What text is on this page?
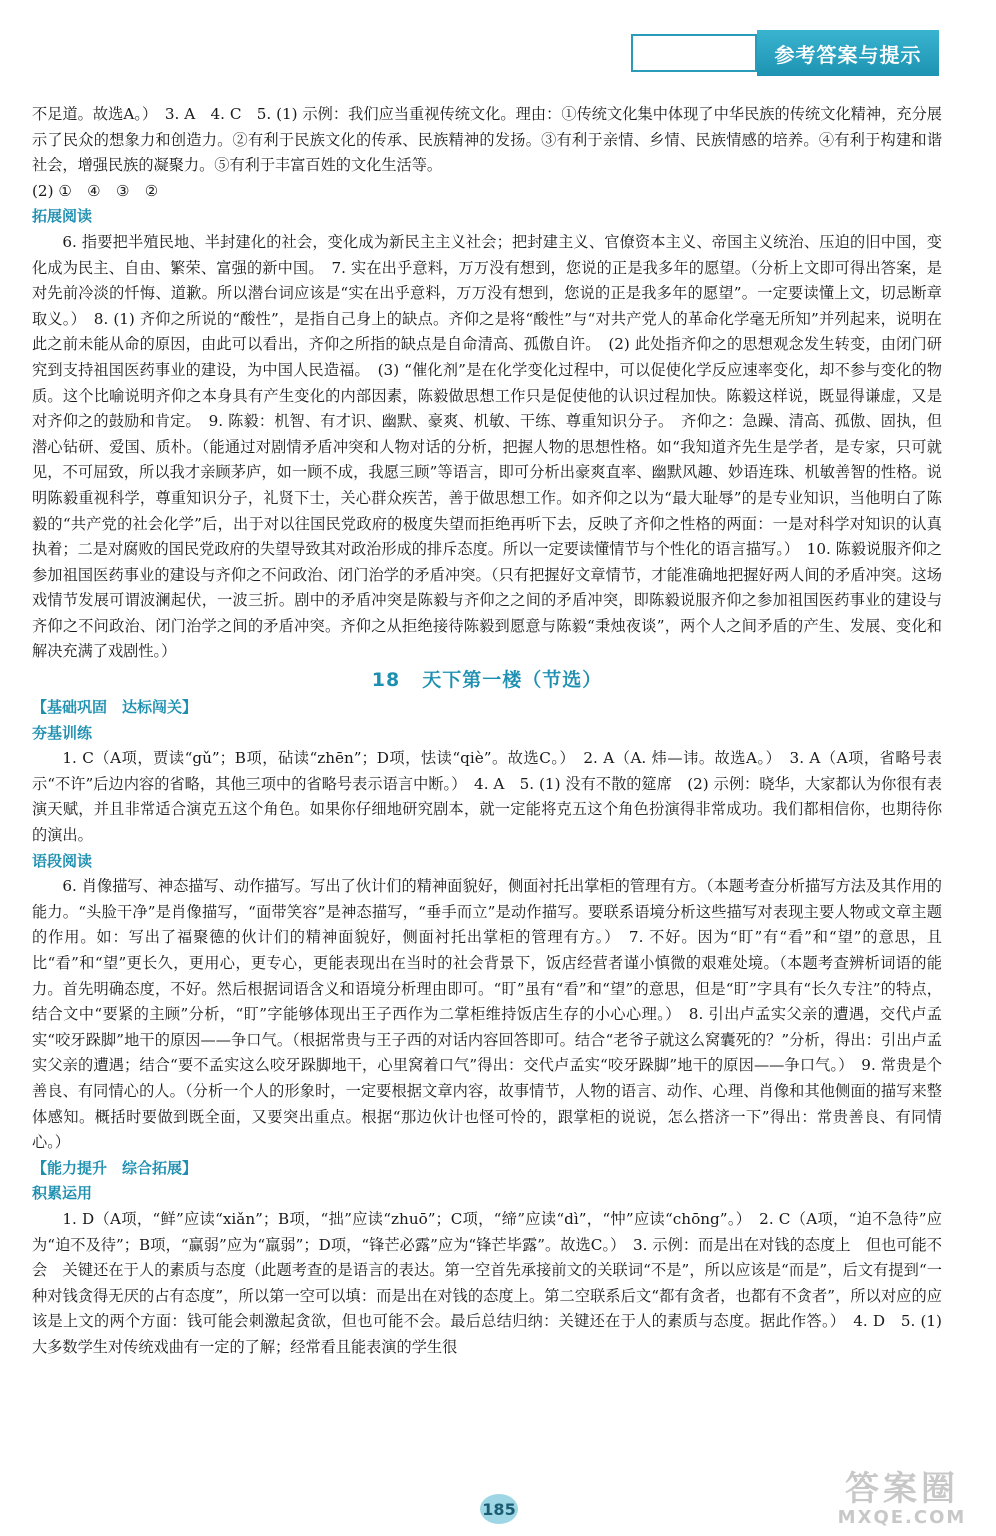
参考答案与提示
不足道。故选A。）　3. A　4. C　5. (1) 示例：我们应当重视传统文化。理由：①传统文化集中体现了中华民族的传统文化精神，充分展示了民众的想象力和创造力。②有利于民族文化的传承、民族精神的发扬。③有利于亲情、乡情、民族情感的培养。④有利于构建和谐社会，增强民族的凝聚力。⑤有利于丰富百姓的文化生活等。
(2) ①　④　③　②
拓展阅读
6. 指要把半殖民地、半封建化的社会，变化成为新民主主义社会；把封建主义、官僚资本主义、帝国主义统治、压迫的旧中国，变化成为民主、自由、繁荣、富强的新中国。　7. 实在出乎意料，万万没有想到，您说的正是我多年的愿望。（分析上文即可得出答案，是对先前冷淡的忏悔、道歉。所以潜台词应该是“实在出乎意料，万万没有想到，您说的正是我多年的愿望”。一定要读懂上文，切忌断章取义。）　8. (1) 齐仰之所说的“酸性”，是指自己身上的缺点。齐仰之是将“酸性”与“对共产党人的革命化学毫无所知”并列起来，说明在此之前未能从命的原因，由此可以看出，齐仰之所指的缺点是自命清高、孤傲自许。　(2) 此处指齐仰之的思想观念发生转变，由闭门研究到支持祖国医药事业的建设，为中国人民造福。　(3) “催化剂”是在化学变化过程中，可以促使化学反应速率变化，却不参与变化的物质。这个比喻说明齐仰之本身具有产生变化的内部因素，陈毅做思想工作只是促使他的认识过程加快。陈毅这样说，既显得谦虚，又是对齐仰之的鼓励和肯定。　9. 陈毅：机智、有才识、幽默、豪爽、机敏、干练、尊重知识分子。　齐仰之：急躁、清高、孤傲、固执，但潜心钻研、爱国、质朴。（能通过对剧情矛盾冲突和人物对话的分析，把握人物的思想性格。如“我知道齐先生是学者，是专家，只可就见，不可屈致，所以我才亲顾茅庐，如一顾不成，我愿三顾”等语言，即可分析出豪爽直率、幽默风趣、妙语连珠、机敏善智的性格。说明陈毅重视科学，尊重知识分子，礼贤下士，关心群众疾苦，善于做思想工作。如齐仰之以为“最大耻辱”的是专业知识，当他明白了陈毅的“共产党的社会化学”后，出于对以往国民党政府的极度失望而拒绝再听下去，反映了齐仰之性格的两面：一是对科学对知识的认真执着；二是对腐败的国民党政府的失望导致其对政治形成的排斥态度。所以一定要读懂情节与个性化的语言描写。）　10. 陈毅说服齐仰之参加祖国医药事业的建设与齐仰之不问政治、闭门治学的矛盾冲突。（只有把握好文章情节，才能准确地把握好两人间的矛盾冲突。这场戏情节发展可谓波澜起伏，一波三折。剧中的矛盾冲突是陈毅与齐仰之之间的矛盾冲突，即陈毅说服齐仰之参加祖国医药事业的建设与齐仰之不问政治、闭门治学之间的矛盾冲突。齐仰之从拒绝接待陈毅到愿意与陈毅“秉烛夜谈”，两个人之间矛盾的产生、发展、变化和解决充满了戏剧性。）
18 天下第一楼（节选）
【基础巩固　达标闯关】
夯基训练
1. C（A项，贾读“gǔ”；B项，砧读“zhēn”；D项，怯读“qiè”。故选C。）　2. A（A. 炜—讳。故选A。）　3. A（A项，省略号表示“不许”后边内容的省略，其他三项中的省略号表示语言中断。）　4. A　5. (1) 没有不散的筵席　(2) 示例：晓华，大家都认为你很有表演天赋，并且非常适合演克五这个角色。如果你仔细地研究剧本，就一定能将克五这个角色扮演得非常成功。我们都相信你，也期待你的演出。
语段阅读
6. 肖像描写、神态描写、动作描写。写出了伙计们的精神面貌好，侧面衬托出掌柜的管理有方。（本题考查分析描写方法及其作用的能力。“头脸干净”是肖像描写，“面带笑容”是神态描写，“垂手而立”是动作描写。要联系语境分析这些描写对表现主要人物或文章主题的作用。如：写出了福聚德的伙计们的精神面貌好，侧面衬托出掌柜的管理有方。）　7. 不好。因为“盯”有“看”和“望”的意思，且比“看”和“望”更长久，更用心，更专心，更能表现出在当时的社会背景下，饭店经营者谨小慎微的艰难处境。（本题考查辨析词语的能力。首先明确态度，不好。然后根据词语含义和语境分析理由即可。“盯”虽有“看”和“望”的意思，但是“盯”字具有“长久专注”的特点，结合文中“要紧的主顾”分析，“盯”字能够体现出王子西作为二掌柜维持饭店生存的小心心理。）　8. 引出卢孟实父亲的遭遇，交代卢孟实“咬牙跺脚”地干的原因——争口气。（根据常贵与王子西的对话内容回答即可。结合“老爷子就这么窝囊死的？”分析，得出：引出卢孟实父亲的遭遇；结合“要不孟实这么咬牙跺脚地干，心里窝着口气”得出：交代卢孟实“咬牙跺脚”地干的原因——争口气。）　9. 常贵是个善良、有同情心的人。（分析一个人的形象时，一定要根据文章内容，故事情节，人物的语言、动作、心理、肖像和其他侧面的描写来整体感知。概括时要做到既全面，又要突出重点。根据“那边伙计也怪可怜的，跟掌柜的说说，怎么搭济一下”得出：常贵善良、有同情心。）
【能力提升　综合拓展】
积累运用
1. D（A项，“鲜”应读“xiǎn”；B项，“拙”应读“zhuō”；C项，“缔”应读“dì”，“忡”应读“chōng”。）　2. C（A项，“迫不急待”应为“迫不及待”；B项，“赢弱”应为“羸弱”；D项，“锋芒必露”应为“锋芒毕露”。故选C。）　3. 示例：而是出在对钱的态度上　但也可能不会　关键还在于人的素质与态度（此题考查的是语言的表达。第一空首先承接前文的关联词“不是”，所以应该是“而是”，后文有提到“一种对钱贪得无厌的占有态度”，所以第一空可以填：而是出在对钱的态度上。第二空联系后文“都有贪者，也都有不贪者”，所以对应的应该是上文的两个方面：钱可能会刺激起贪欲，但也可能不会。最后总结归纳：关键还在于人的素质与态度。据此作答。）　4. D　5. (1) 大多数学生对传统戏曲有一定的了解；经常看且能表演的学生很
185	答案圈
MXQE.COM
